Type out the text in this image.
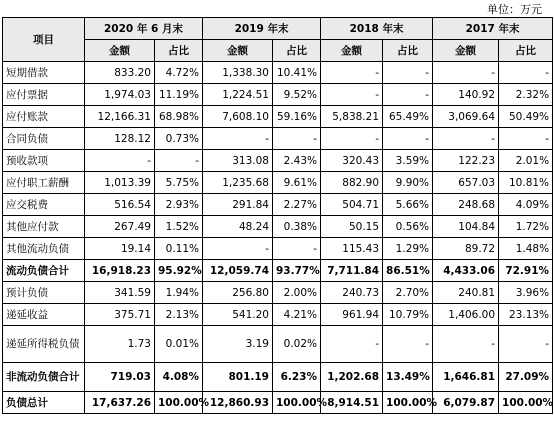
单位：万元
项目	2020 年 6 月末		2019 年末		2018 年末		2017 年末	
	金额	占比	金额	占比	金额	占比	金额	占比
短期借款	833.20	4.72%	1,338.30	10.41%	-	-	-	-
应付票据	1,974.03	11.19%	1,224.51	9.52%	-	-	140.92	2.32%
应付账款	12,166.31	68.98%	7,608.10	59.16%	5,838.21	65.49%	3,069.64	50.49%
合同负债	128.12	0.73%	-	-	-	-	-	-
预收款项	-	-	313.08	2.43%	320.43	3.59%	122.23	2.01%
应付职工薪酬	1,013.39	5.75%	1,235.68	9.61%	882.90	9.90%	657.03	10.81%
应交税费	516.54	2.93%	291.84	2.27%	504.71	5.66%	248.68	4.09%
其他应付款	267.49	1.52%	48.24	0.38%	50.15	0.56%	104.84	1.72%
其他流动负债	19.14	0.11%	-	-	115.43	1.29%	89.72	1.48%
流动负债合计	16,918.23	95.92%	12,059.74	93.77%	7,711.84	86.51%	4,433.06	72.91%
预计负债	341.59	1.94%	256.80	2.00%	240.73	2.70%	240.81	3.96%
递延收益	375.71	2.13%	541.20	4.21%	961.94	10.79%	1,406.00	23.13%
递延所得税负债	1.73	0.01%	3.19	0.02%	-	-	-	-
非流动负债合计	719.03	4.08%	801.19	6.23%	1,202.68	13.49%	1,646.81	27.09%
负债总计	17,637.26	100.00%	12,860.93	100.00%	8,914.51	100.00%	6,079.87	100.00%
